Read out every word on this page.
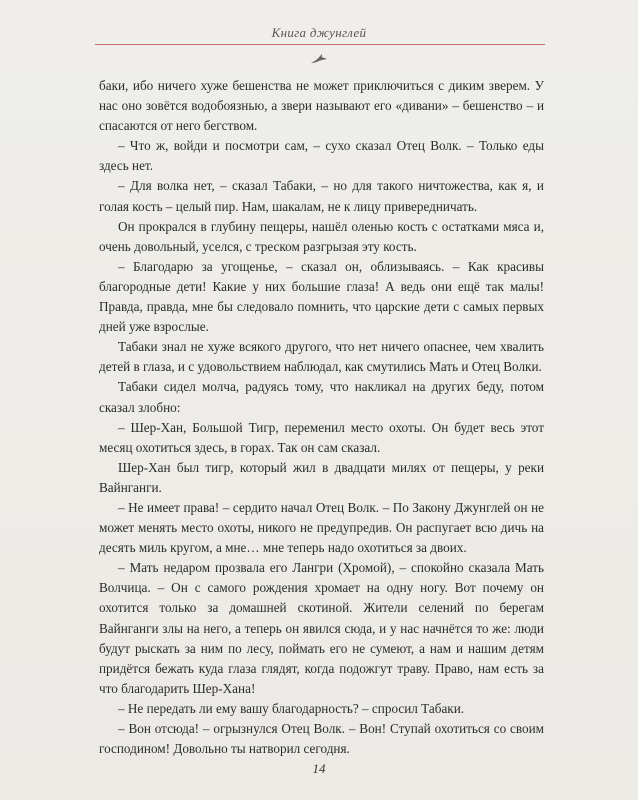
Книга джунглей

баки, ибо ничего хуже бешенства не может приключиться с диким зверем. У нас оно зовётся водобоязнью, а звери называют его «дивани» – бешенство – и спасаются от него бегством.

– Что ж, войди и посмотри сам, – сухо сказал Отец Волк. – Только еды здесь нет.

– Для волка нет, – сказал Табаки, – но для такого ничтожества, как я, и голая кость – целый пир. Нам, шакалам, не к лицу привередничать.

Он прокрался в глубину пещеры, нашёл оленью кость с остатками мяса и, очень довольный, уселся, с треском разгрызая эту кость.

– Благодарю за угощенье, – сказал он, облизываясь. – Как красивы благородные дети! Какие у них большие глаза! А ведь они ещё так малы! Правда, правда, мне бы следовало помнить, что царские дети с самых первых дней уже взрослые.

Табаки знал не хуже всякого другого, что нет ничего опаснее, чем хвалить детей в глаза, и с удовольствием наблюдал, как смутились Мать и Отец Волки.

Табаки сидел молча, радуясь тому, что накликал на других беду, потом сказал злобно:

– Шер-Хан, Большой Тигр, переменил место охоты. Он будет весь этот месяц охотиться здесь, в горах. Так он сам сказал.

Шер-Хан был тигр, который жил в двадцати милях от пещеры, у реки Вайнганги.

– Не имеет права! – сердито начал Отец Волк. – По Закону Джунглей он не может менять место охоты, никого не предупредив. Он распугает всю дичь на десять миль кругом, а мне… мне теперь надо охотиться за двоих.

– Мать недаром прозвала его Лангри (Хромой), – спокойно сказала Мать Волчица. – Он с самого рождения хромает на одну ногу. Вот почему он охотится только за домашней скотиной. Жители селений по берегам Вайнганги злы на него, а теперь он явился сюда, и у нас начнётся то же: люди будут рыскать за ним по лесу, поймать его не сумеют, а нам и нашим детям придётся бежать куда глаза глядят, когда подожгут траву. Право, нам есть за что благодарить Шер-Хана!

– Не передать ли ему вашу благодарность? – спросил Табаки.

– Вон отсюда! – огрызнулся Отец Волк. – Вон! Ступай охотиться со своим господином! Довольно ты натворил сегодня.

14
